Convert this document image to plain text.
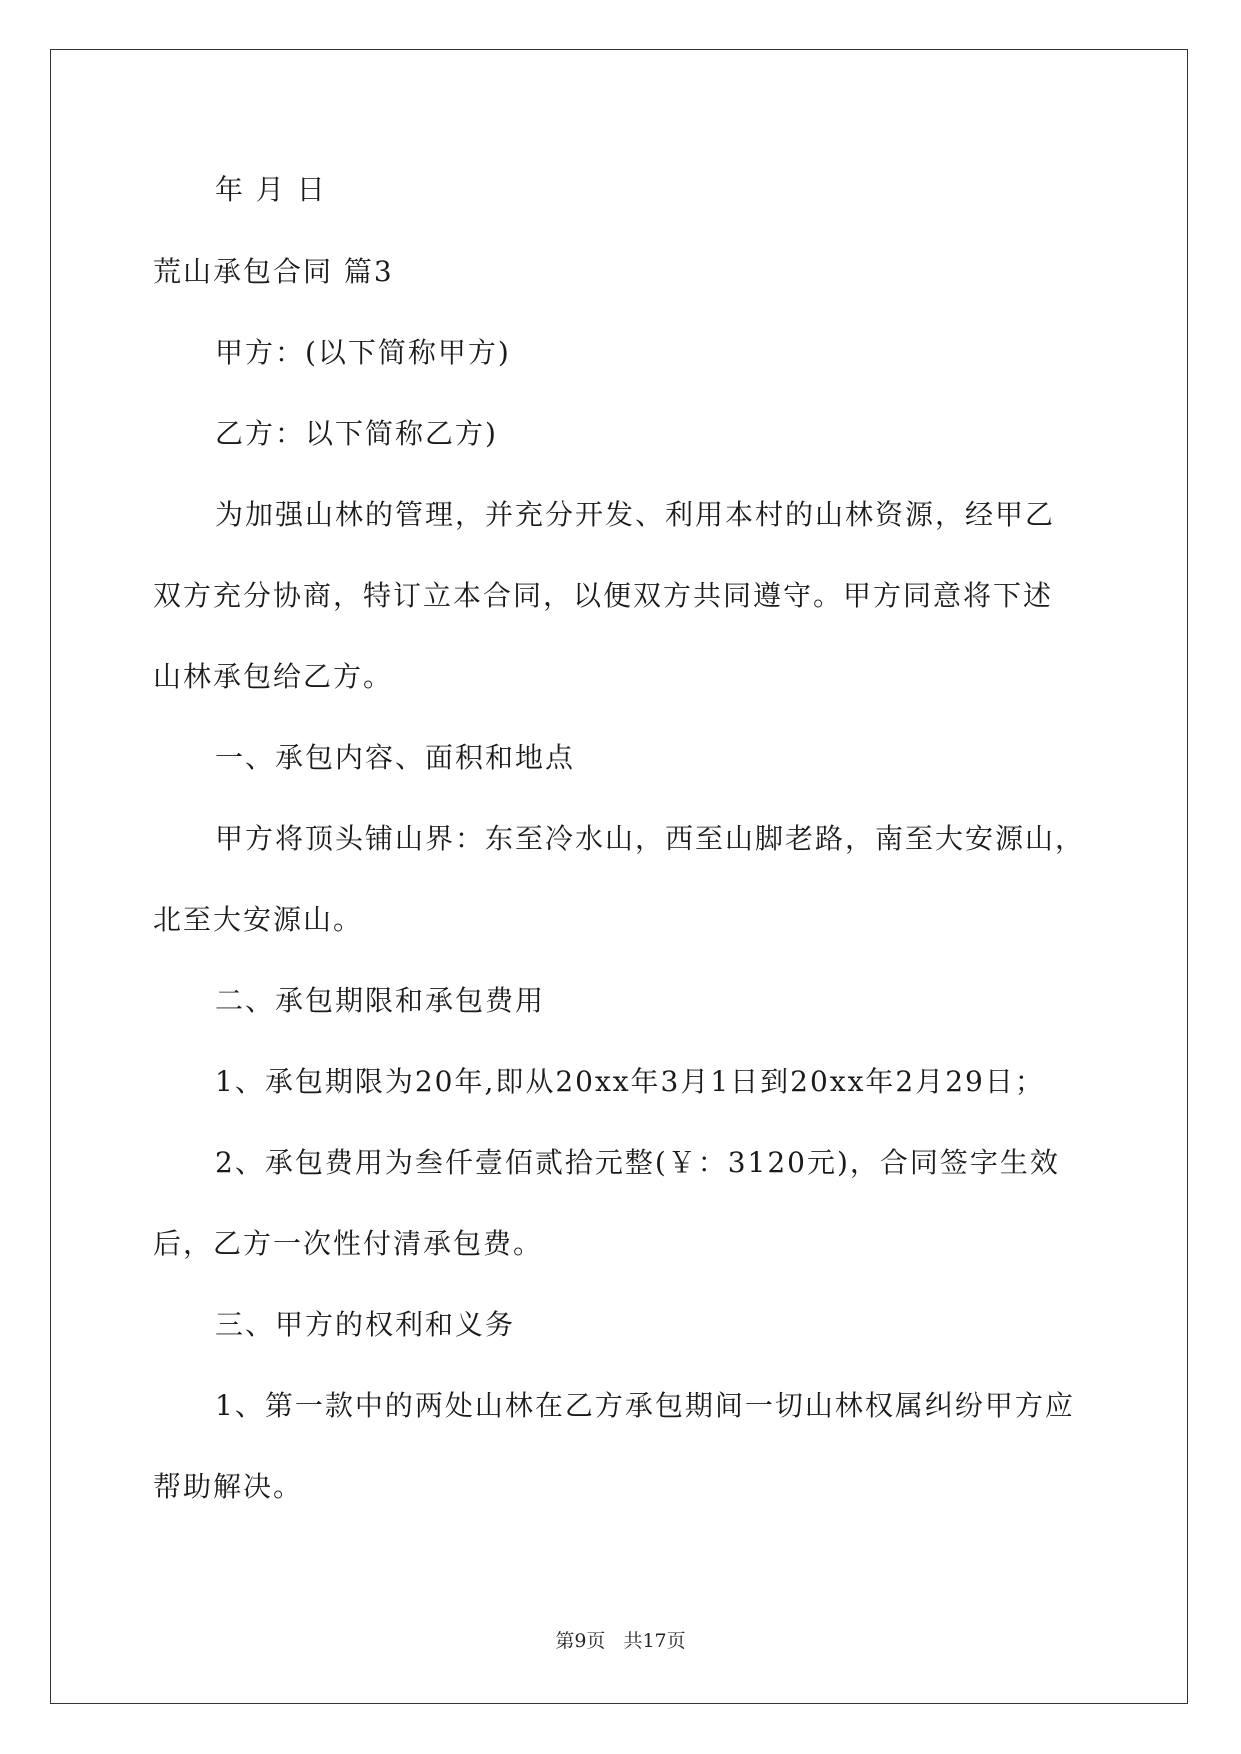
年 月 日
荒山承包合同 篇3
甲方：(以下简称甲方)
乙方：以下简称乙方)
为加强山林的管理，并充分开发、利用本村的山林资源，经甲乙
双方充分协商，特订立本合同，以便双方共同遵守。甲方同意将下述
山林承包给乙方。
一、承包内容、面积和地点
甲方将顶头铺山界：东至冷水山，西至山脚老路，南至大安源山，
北至大安源山。
二、承包期限和承包费用
1、承包期限为20年,即从20xx年3月1日到20xx年2月29日；
2、承包费用为叁仟壹佰贰拾元整(￥：3120元)，合同签字生效
后，乙方一次性付清承包费。
三、甲方的权利和义务
1、第一款中的两处山林在乙方承包期间一切山林权属纠纷甲方应
帮助解决。
第9页 共17页
